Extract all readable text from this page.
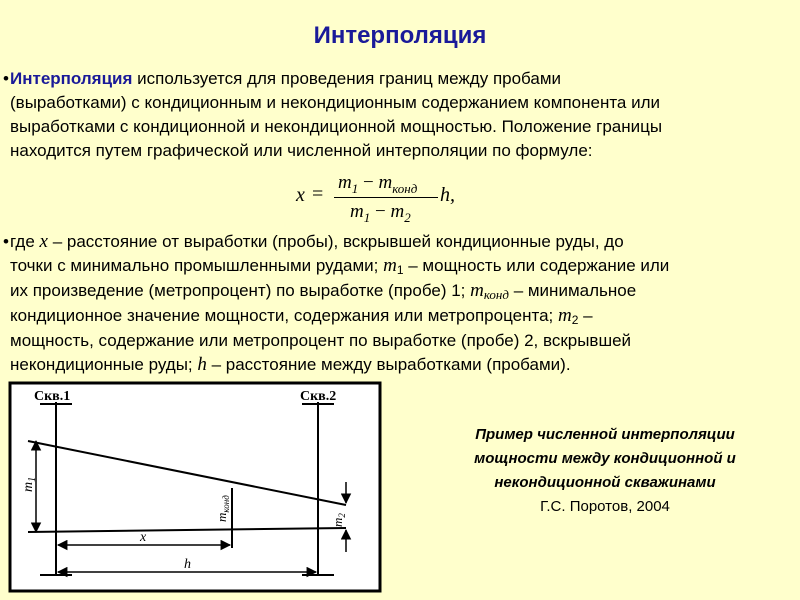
Интерполяция
• Интерполяция используется для проведения границ между пробами
(выработками) с кондиционным и некондиционным содержанием компонента или
выработками с кондиционной и некондиционной мощностью. Положение границы
находится путем графической или численной интерполяции по формуле:
x =
$m_1 - m_{конд}$
$m_1 - m_2$
h,
• где x – расстояние от выработки (пробы), вскрывшей кондиционные руды, до
точки с минимально промышленными рудами; m1 – мощность или содержание или
их произведение (метропроцент) по выработке (пробе) 1; mконд – минимальное
кондиционное значение мощности, содержания или метропроцента; m2 –
мощность, содержание или метропроцент по выработке (пробе) 2, вскрывшей
некондиционные руды; h – расстояние между выработками (пробами).
Скв.1	Скв.2
$m_1$
$m_{конд}$
$m_2$
x
h
Пример численной интерполяции
мощности между кондиционной и
некондиционной скважинами
Г.С. Поротов, 2004
